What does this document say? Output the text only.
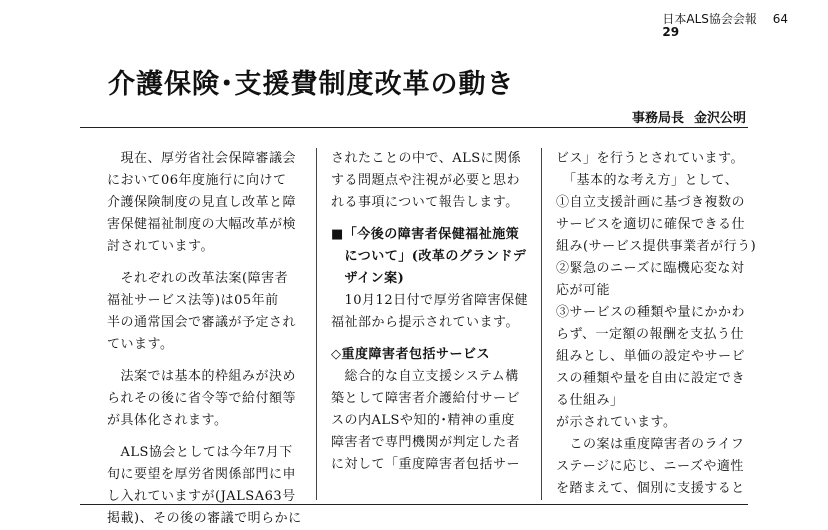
日本ALS協会会報 64
29
介護保険･支援費制度改革の動き
事務局長 金沢公明

　現在、厚労省社会保障審議会

において06年度施行に向けて

介護保険制度の見直し改革と障

害保健福祉制度の大幅改革が検

討されています。

　それぞれの改革法案(障害者

福祉サービス法等)は05年前

半の通常国会で審議が予定され

ています。

　法案では基本的枠組みが決め

られその後に省令等で給付額等

が具体化されます。

　ALS協会としては今年7月下

旬に要望を厚労省関係部門に申

し入れていますが(JALSA63号

掲載)、その後の審議で明らかに

されたことの中で、ALSに関係

する問題点や注視が必要と思わ

れる事項について報告します。

■「今後の障害者保健福祉施策

　について」(改革のグランドデ

　ザイン案)

　10月12日付で厚労省障害保健

福祉部から提示されています。

◇重度障害者包括サービス

　総合的な自立支援システム構

築として障害者介護給付サービ

スの内ALSや知的･精神の重度

障害者で専門機関が判定した者

に対して「重度障害者包括サー

ビス」を行うとされています。

　「基本的な考え方」として、

①自立支援計画に基づき複数の

サービスを適切に確保できる仕

組み(サービス提供事業者が行う)

②緊急のニーズに臨機応変な対

応が可能

③サービスの種類や量にかかわ

らず、一定額の報酬を支払う仕

組みとし、単価の設定やサービ

スの種類や量を自由に設定でき

る仕組み」

が示されています。

　この案は重度障害者のライフ

ステージに応じ、ニーズや適性

を踏まえて、個別に支援すると
